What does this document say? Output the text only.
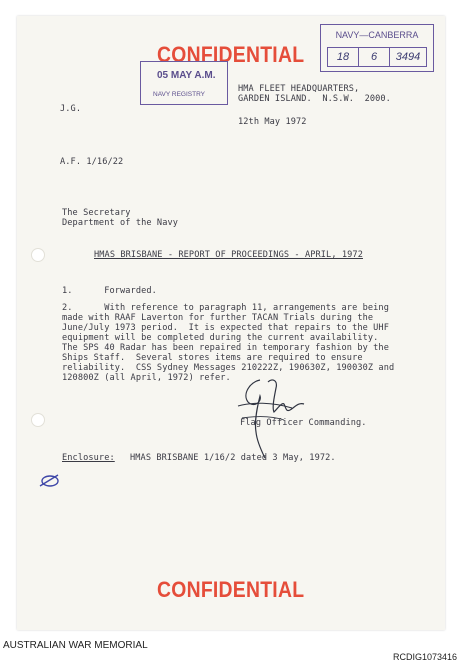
CONFIDENTIAL
05 MAY A.M.
NAVY REGISTRY
NAVY—CANBERRA
18	6	3494
HMA FLEET HEADQUARTERS,
GARDEN ISLAND.  N.S.W.  2000.
J.G.
12th May 1972
A.F. 1/16/22
The Secretary
Department of the Navy
HMAS BRISBANE - REPORT OF PROCEEDINGS - APRIL, 1972
1.      Forwarded.
2.      With reference to paragraph 11, arrangements are being
made with RAAF Laverton for further TACAN Trials during the
June/July 1973 period.  It is expected that repairs to the UHF
equipment will be completed during the current availability.
The SPS 40 Radar has been repaired in temporary fashion by the
Ships Staff.  Several stores items are required to ensure
reliability.  CSS Sydney Messages 210222Z, 190630Z, 190030Z and
120800Z (all April, 1972) refer.
Flag Officer Commanding.
Enclosure: HMAS BRISBANE 1/16/2 dated 3 May, 1972.
CONFIDENTIAL
AUSTRALIAN WAR MEMORIAL
RCDIG1073416
